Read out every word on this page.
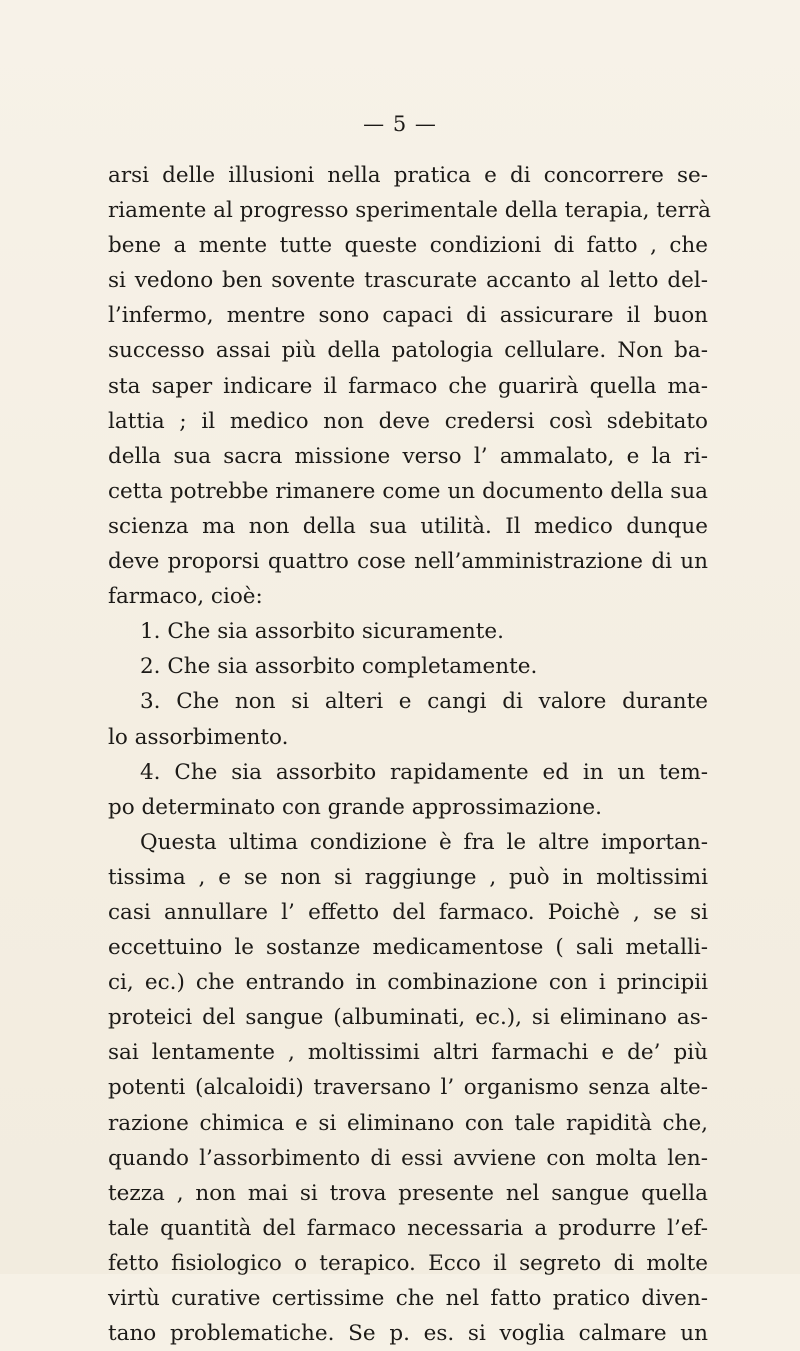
— 5 —
arsi delle illusioni nella pratica e di concorrere se-
riamente al progresso sperimentale della terapia, terrà
bene a mente tutte queste condizioni di fatto , che
si vedono ben sovente trascurate accanto al letto del-
l’infermo, mentre sono capaci di assicurare il buon
successo assai più della patologia cellulare. Non ba-
sta saper indicare il farmaco che guarirà quella ma-
lattia ; il medico non deve credersi così sdebitato
della sua sacra missione verso l’ ammalato, e la ri-
cetta potrebbe rimanere come un documento della sua
scienza ma non della sua utilità. Il medico dunque
deve proporsi quattro cose nell’amministrazione di un
farmaco, cioè:
1. Che sia assorbito sicuramente.
2. Che sia assorbito completamente.
3. Che non si alteri e cangi di valore durante
lo assorbimento.
4. Che sia assorbito rapidamente ed in un tem-
po determinato con grande approssimazione.
Questa ultima condizione è fra le altre importan-
tissima , e se non si raggiunge , può in moltissimi
casi annullare l’ effetto del farmaco. Poichè , se si
eccettuino le sostanze medicamentose ( sali metalli-
ci, ec.) che entrando in combinazione con i principii
proteici del sangue (albuminati, ec.), si eliminano as-
sai lentamente , moltissimi altri farmachi e de’ più
potenti (alcaloidi) traversano l’ organismo senza alte-
razione chimica e si eliminano con tale rapidità che,
quando l’assorbimento di essi avviene con molta len-
tezza , non mai si trova presente nel sangue quella
tale quantità del farmaco necessaria a produrre l’ef-
fetto fisiologico o terapico. Ecco il segreto di molte
virtù curative certissime che nel fatto pratico diven-
tano problematiche. Se p. es. si voglia calmare un
